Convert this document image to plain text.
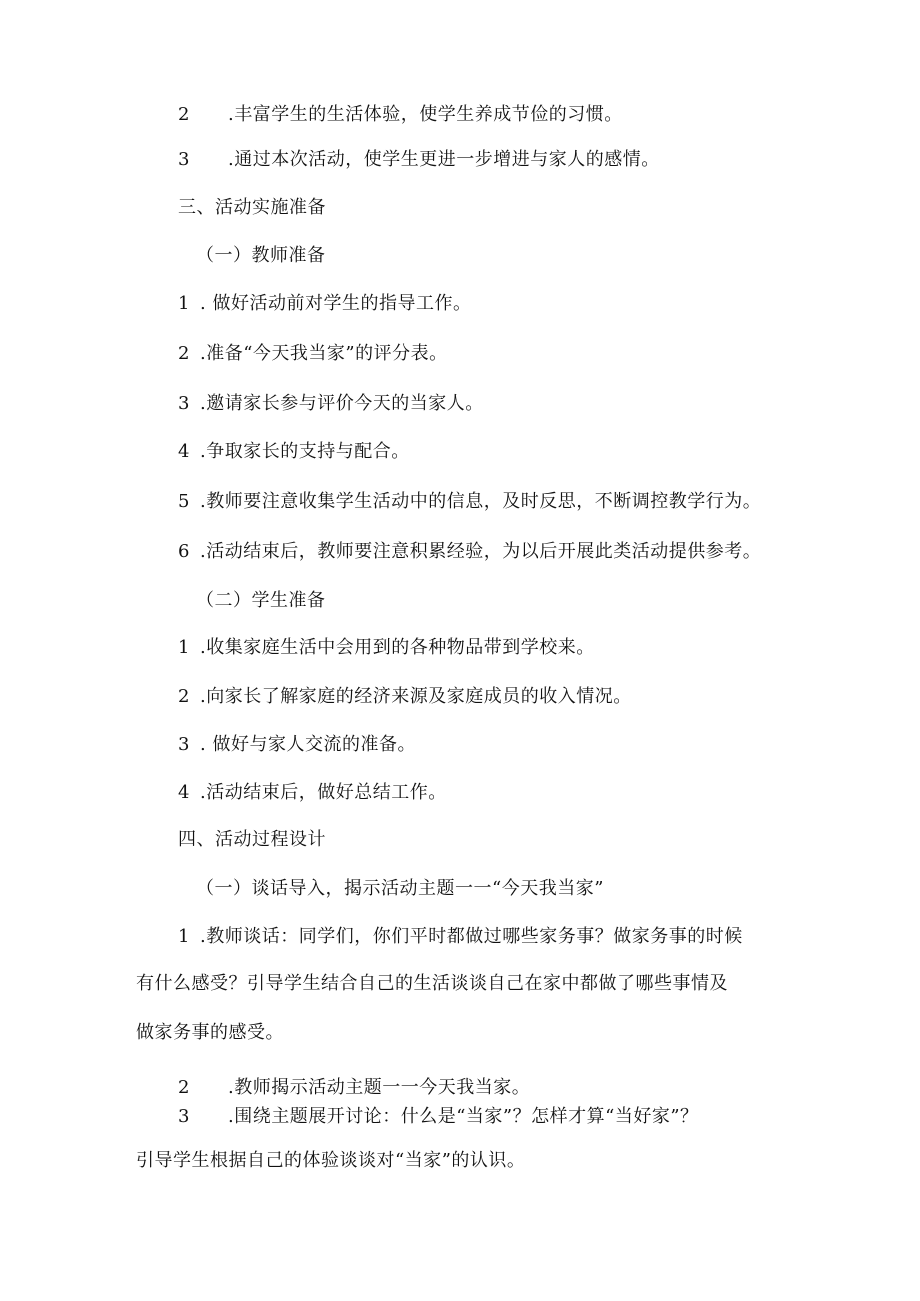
2 .丰富学生的生活体验，使学生养成节俭的习惯。
3 .通过本次活动，使学生更进一步增进与家人的感情。
三、活动实施准备
（一）教师准备
1 . 做好活动前对学生的指导工作。
2 .准备“今天我当家”的评分表。
3 .邀请家长参与评价今天的当家人。
4 .争取家长的支持与配合。
5 .教师要注意收集学生活动中的信息，及时反思，不断调控教学行为。
6 .活动结束后，教师要注意积累经验，为以后开展此类活动提供参考。
（二）学生准备
1 .收集家庭生活中会用到的各种物品带到学校来。
2 .向家长了解家庭的经济来源及家庭成员的收入情况。
3 . 做好与家人交流的准备。
4 .活动结束后，做好总结工作。
四、活动过程设计
（一）谈话导入，揭示活动主题一一“今天我当家”
1 .教师谈话：同学们，你们平时都做过哪些家务事？做家务事的时候
有什么感受？引导学生结合自己的生活谈谈自己在家中都做了哪些事情及
做家务事的感受。
2 .教师揭示活动主题一一今天我当家。
3 .围绕主题展开讨论：什么是“当家”？怎样才算“当好家”？
引导学生根据自己的体验谈谈对“当家”的认识。
